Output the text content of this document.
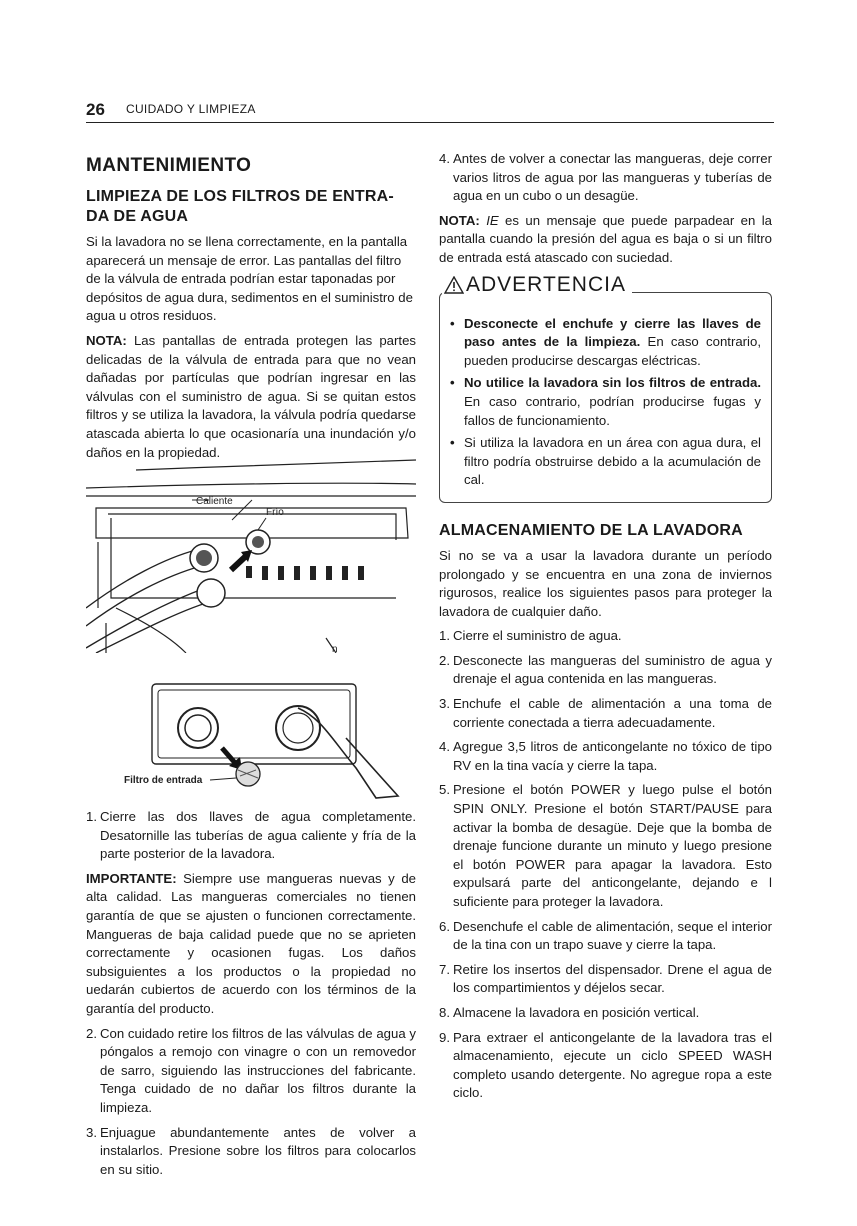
26 CUIDADO Y LIMPIEZA
MANTENIMIENTO
LIMPIEZA DE LOS FILTROS DE ENTRA- DA DE AGUA

Si la lavadora no se llena correctamente, en la pantalla aparecerá un mensaje de error. Las pantallas del filtro de la válvula de entrada podrían estar taponadas por depósitos de agua dura, sedimentos en el suministro de agua u otros residuos.

NOTA: Las pantallas de entrada protegen las partes delicadas de la válvula de entrada para que no vean dañadas por partículas que podrían ingresar en las válvulas con el suministro de agua. Si se quitan estos filtros y se utiliza la lavadora, la válvula podría quedarse atascada abierta lo que ocasionaría una inundación y/o daños en la propiedad.

Caliente
Frío
n
Filtro de entrada
1. Cierre las dos llaves de agua completamente. Desatornille las tuberías de agua caliente y fría de la parte posterior de la lavadora.

IMPORTANTE: Siempre use mangueras nuevas y de alta calidad. Las mangueras comerciales no tienen garantía de que se ajusten o funcionen correctamente. Mangueras de baja calidad puede que no se aprieten correctamente y ocasionen fugas. Los daños subsiguientes a los productos o la propiedad no uedarán cubiertos de acuerdo con los términos de la garantía del producto.

2. Con cuidado retire los filtros de las válvulas de agua y póngalos a remojo con vinagre o con un removedor de sarro, siguiendo las instrucciones del fabricante. Tenga cuidado de no dañar los filtros durante la limpieza.
3. Enjuague abundantemente antes de volver a instalarlos. Presione sobre los filtros para colocarlos en su sitio.
4. Antes de volver a conectar las mangueras, deje correr varios litros de agua por las mangueras y tuberías de agua en un cubo o un desagüe.

NOTA: IE es un mensaje que puede parpadear en la pantalla cuando la presión del agua es baja o si un filtro de entrada está atascado con suciedad.

ADVERTENCIA
• Desconecte el enchufe y cierre las llaves de paso antes de la limpieza. En caso contrario, pueden producirse descargas eléctricas.
• No utilice la lavadora sin los filtros de entrada. En caso contrario, podrían producirse fugas y fallos de funcionamiento.
• Si utiliza la lavadora en un área con agua dura, el filtro podría obstruirse debido a la acumulación de cal.
ALMACENAMIENTO DE LA LAVADORA

Si no se va a usar la lavadora durante un período prolongado y se encuentra en una zona de inviernos rigurosos, realice los siguientes pasos para proteger la lavadora de cualquier daño.

1. Cierre el suministro de agua.
2. Desconecte las mangueras del suministro de agua y drenaje el agua contenida en las mangueras.
3. Enchufe el cable de alimentación a una toma de corriente conectada a tierra adecuadamente.
4. Agregue 3,5 litros de anticongelante no tóxico de tipo RV en la tina vacía y cierre la tapa.
5. Presione el botón POWER y luego pulse el botón SPIN ONLY. Presione el botón START/PAUSE para activar la bomba de desagüe. Deje que la bomba de drenaje funcione durante un minuto y luego presione el botón POWER para apagar la lavadora. Esto expulsará parte del anticongelante, dejando e l suficiente para proteger la lavadora.
6. Desenchufe el cable de alimentación, seque el interior de la tina con un trapo suave y cierre la tapa.
7. Retire los insertos del dispensador. Drene el agua de los compartimientos y déjelos secar.
8. Almacene la lavadora en posición vertical.
9. Para extraer el anticongelante de la lavadora tras el almacenamiento, ejecute un ciclo SPEED WASH completo usando detergente. No agregue ropa a este ciclo.
